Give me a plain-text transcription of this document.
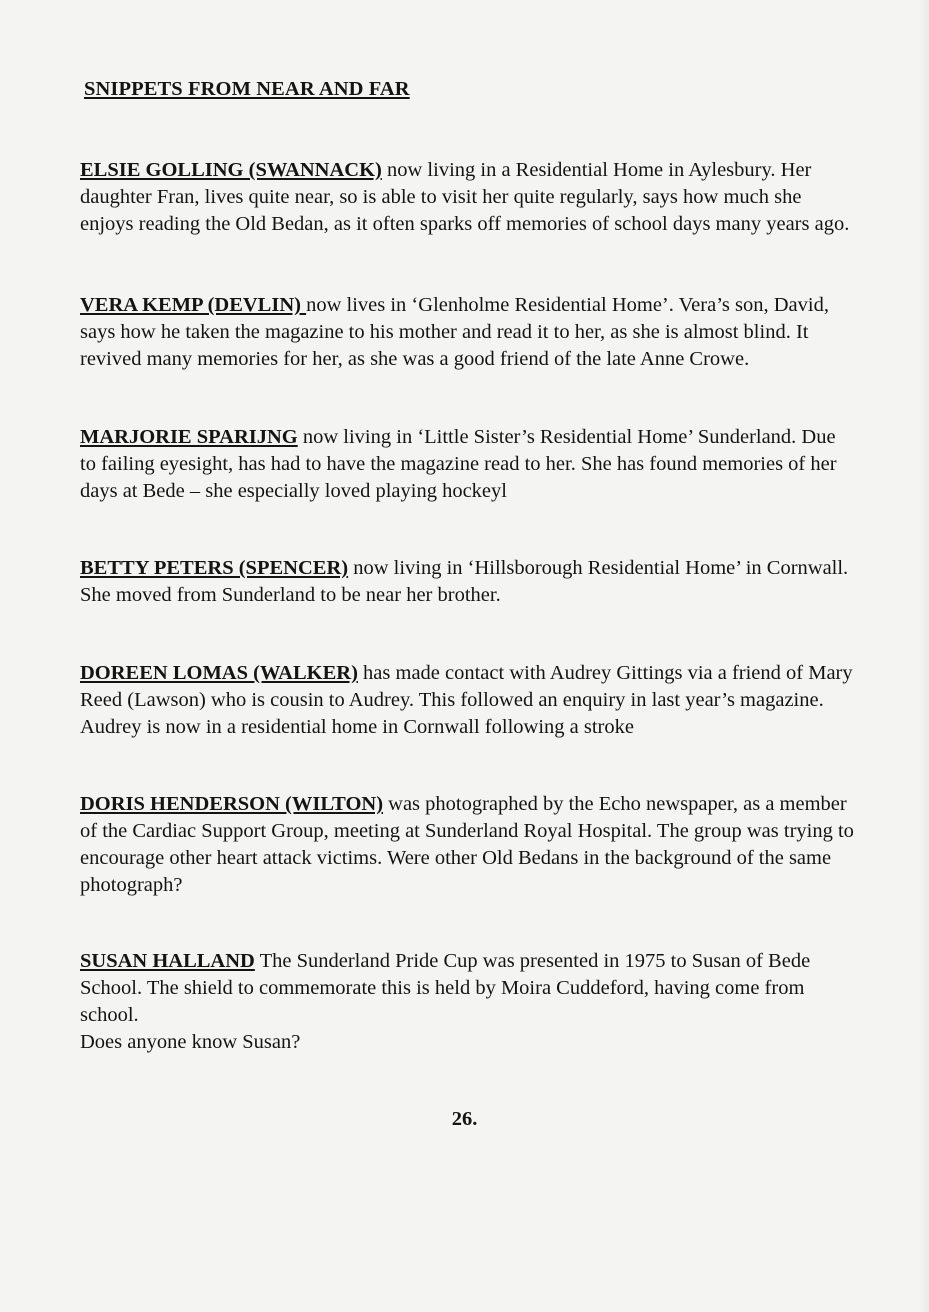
SNIPPETS FROM NEAR AND FAR

ELSIE GOLLING (SWANNACK) now living in a Residential Home in Aylesbury. Her daughter Fran, lives quite near, so is able to visit her quite regularly, says how much she enjoys reading the Old Bedan, as it often sparks off memories of school days many years ago.

VERA KEMP (DEVLIN) now lives in ‘Glenholme Residential Home’. Vera’s son, David, says how he taken the magazine to his mother and read it to her, as she is almost blind. It revived many memories for her, as she was a good friend of the late Anne Crowe.

MARJORIE SPARIJNG now living in ‘Little Sister’s Residential Home’ Sunderland. Due to failing eyesight, has had to have the magazine read to her. She has found memories of her days at Bede – she especially loved playing hockeyl

BETTY PETERS (SPENCER) now living in ‘Hillsborough Residential Home’ in Cornwall. She moved from Sunderland to be near her brother.

DOREEN LOMAS (WALKER) has made contact with Audrey Gittings via a friend of Mary Reed (Lawson) who is cousin to Audrey. This followed an enquiry in last year’s magazine. Audrey is now in a residential home in Cornwall following a stroke

DORIS HENDERSON (WILTON) was photographed by the Echo newspaper, as a member of the Cardiac Support Group, meeting at Sunderland Royal Hospital. The group was trying to encourage other heart attack victims. Were other Old Bedans in the background of the same photograph?

SUSAN HALLAND The Sunderland Pride Cup was presented in 1975 to Susan of Bede School. The shield to commemorate this is held by Moira Cuddeford, having come from school.
Does anyone know Susan?

26.
